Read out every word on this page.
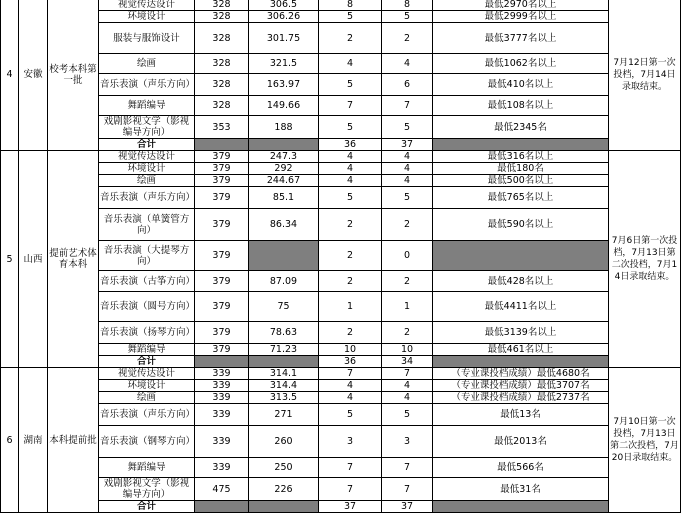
4	安徽	校考本科第一批	视觉传达设计	328	306.5	8	8	最低2970名以上	7月12日第一次投档，7月14日录取结束。
			环境设计	328	306.26	5	5	最低2999名以上	
			服装与服饰设计	328	301.75	2	2	最低3777名以上	
			绘画	328	321.5	4	4	最低1062名以上	
			音乐表演（声乐方向）	328	163.97	5	6	最低410名以上	
			舞蹈编导	328	149.66	7	7	最低108名以上	
			戏剧影视文学（影视编导方向）	353	188	5	5	最低2345名	
			合计			36	37		
5	山西	提前艺术体育本科	视觉传达设计	379	247.3	4	4	最低316名以上	7月6日第一次投档，7月13日第二次投档，7月14日录取结束。
			环境设计	379	292	4	4	最低180名	
			绘画	379	244.67	4	4	最低500名以上	
			音乐表演（声乐方向）	379	85.1	5	5	最低765名以上	
			音乐表演（单簧管方向）	379	86.34	2	2	最低590名以上	
			音乐表演（大提琴方向）	379		2	0		
			音乐表演（古筝方向）	379	87.09	2	2	最低428名以上	
			音乐表演（圆号方向）	379	75	1	1	最低4411名以上	
			音乐表演（扬琴方向）	379	78.63	2	2	最低3139名以上	
			舞蹈编导	379	71.23	10	10	最低461名以上	
			合计			36	34		
6	湖南	本科提前批	视觉传达设计	339	314.1	7	7	（专业课投档成绩）最低4680名	7月10日第一次投档，7月13日第二次投档，7月20日录取结束。
			环境设计	339	314.4	4	4	（专业课投档成绩）最低3707名	
			绘画	339	313.5	4	4	（专业课投档成绩）最低2737名	
			音乐表演（声乐方向）	339	271	5	5	最低13名	
			音乐表演（钢琴方向）	339	260	3	3	最低2013名	
			舞蹈编导	339	250	7	7	最低566名	
			戏剧影视文学（影视编导方向）	475	226	7	7	最低31名	
			合计			37	37		
